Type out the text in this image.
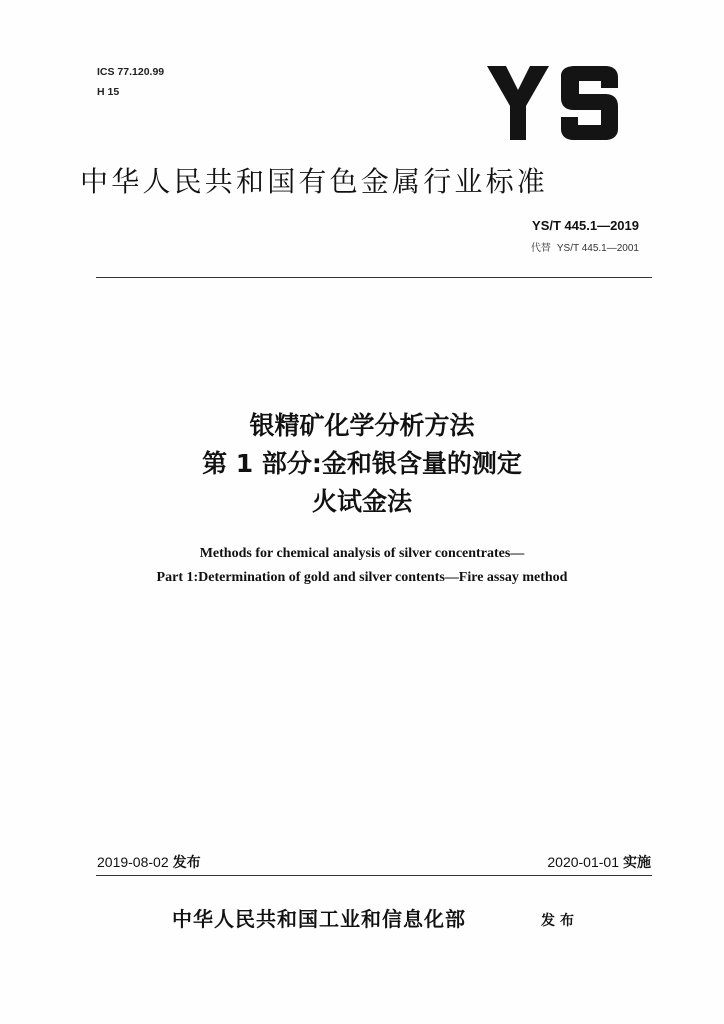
ICS 77.120.99
H 15
中华人民共和国有色金属行业标准
YS/T 445.1—2019
代替 YS/T 445.1—2001
银精矿化学分析方法
第 1 部分:金和银含量的测定
火试金法
Methods for chemical analysis of silver concentrates—
Part 1:Determination of gold and silver contents—Fire assay method
2019-08-02 发布	2020-01-01 实施
中华人民共和国工业和信息化部	发布
